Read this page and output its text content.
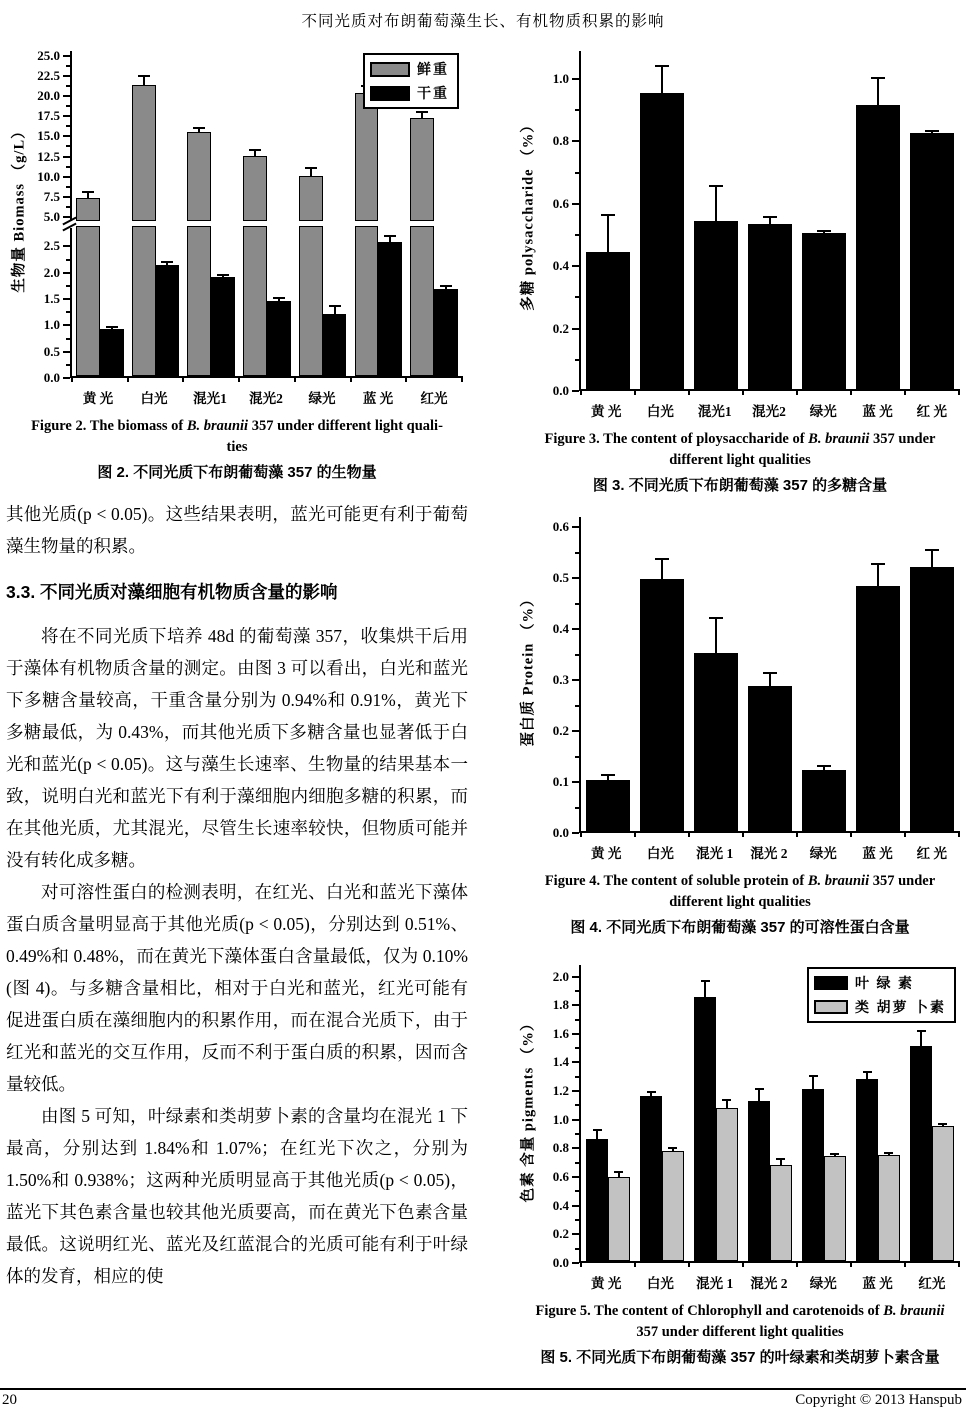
不同光质对布朗葡萄藻生长、有机物质积累的影响
生物量 Biomass （g/L）	5.0
7.5
10.0
12.5
15.0
17.5
20.0
22.5
25.0
鲜重
干重
0.0
0.5
1.0
1.5
2.0
2.5
黄 光	白光	混光1	混光2	绿光	蓝 光	红光
Figure 2. The biomass of B. braunii 357 under different light quali-
ties
图 2. 不同光质下布朗葡萄藻 357 的生物量
其他光质(p < 0.05)。这些结果表明，蓝光可能更有利于葡萄藻生物量的积累。
3.3. 不同光质对藻细胞有机物质含量的影响
将在不同光质下培养 48d 的葡萄藻 357，收集烘干后用于藻体有机物质含量的测定。由图 3 可以看出，白光和蓝光下多糖含量较高，干重含量分别为 0.94%和 0.91%，黄光下多糖最低，为 0.43%，而其他光质下多糖含量也显著低于白光和蓝光(p < 0.05)。这与藻生长速率、生物量的结果基本一致，说明白光和蓝光下有利于藻细胞内细胞多糖的积累，而在其他光质，尤其混光，尽管生长速率较快，但物质可能并没有转化成多糖。
对可溶性蛋白的检测表明，在红光、白光和蓝光下藻体蛋白质含量明显高于其他光质(p < 0.05)，分别达到 0.51%、0.49%和 0.48%，而在黄光下藻体蛋白含量最低，仅为 0.10%(图 4)。与多糖含量相比，相对于白光和蓝光，红光可能有促进蛋白质在藻细胞内的积累作用，而在混合光质下，由于红光和蓝光的交互作用，反而不利于蛋白质的积累，因而含量较低。
由图 5 可知，叶绿素和类胡萝卜素的含量均在混光 1 下最高，分别达到 1.84%和 1.07%；在红光下次之，分别为 1.50%和 0.938%；这两种光质明显高于其他光质(p < 0.05)，蓝光下其色素含量也较其他光质要高，而在黄光下色素含量最低。这说明红光、蓝光及红蓝混合的光质可能有利于叶绿体的发育，相应的使
多糖 polysaccharide （%）
0.0
0.2
0.4
0.6
0.8
1.0
黄 光	白光	混光1	混光2	绿光	蓝 光	红 光
Figure 3. The content of ploysaccharide of B. braunii 357 under
different light qualities
图 3. 不同光质下布朗葡萄藻 357 的多糖含量
蛋白质 Protein （%）
0.0
0.1
0.2
0.3
0.4
0.5
0.6
黄 光	白光	混光 1	混光 2	绿光	蓝 光	红 光
Figure 4. The content of soluble protein of B. braunii 357 under
different light qualities
图 4. 不同光质下布朗葡萄藻 357 的可溶性蛋白含量
色素 含量 pigments （%）
0.0
0.2
0.4
0.6
0.8
1.0
1.2
1.4
1.6
1.8
2.0
叶 绿 素
类 胡萝 卜素
黄 光	白光	混光 1	混光 2	绿光	蓝 光	红光
Figure 5. The content of Chlorophyll and carotenoids of B. braunii
357 under different light qualities
图 5. 不同光质下布朗葡萄藻 357 的叶绿素和类胡萝卜素含量
20	Copyright © 2013 Hanspub
